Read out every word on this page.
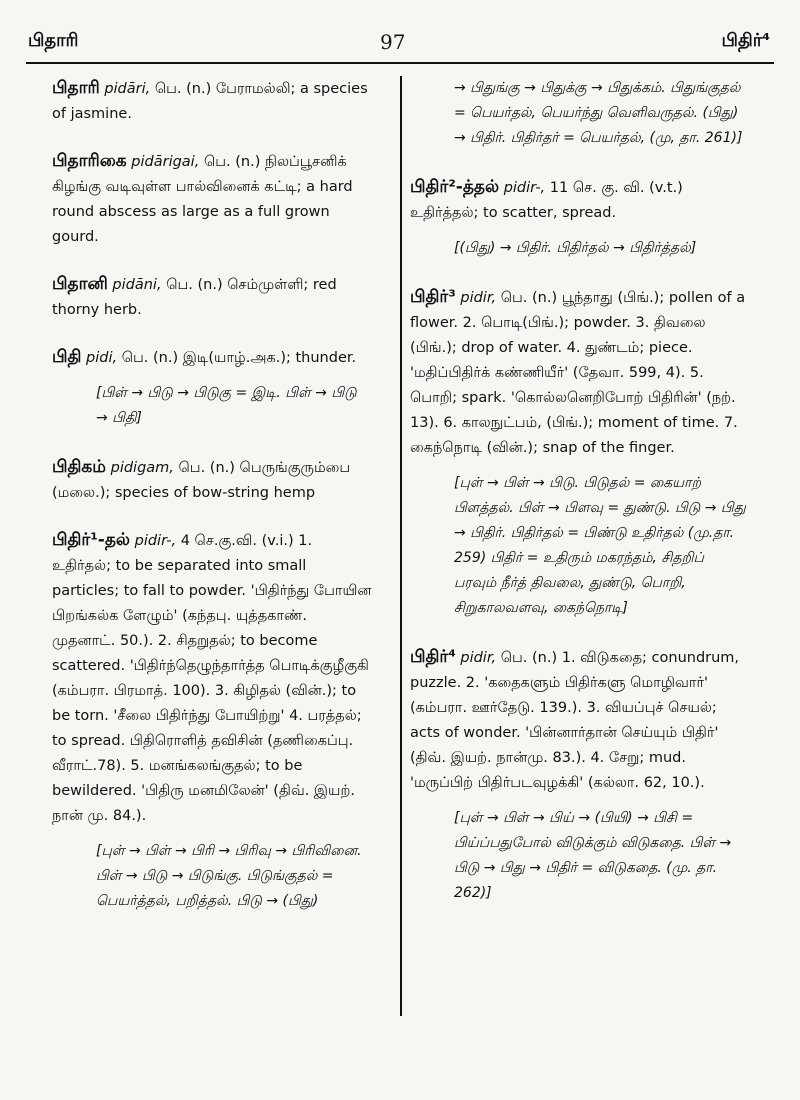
பிதாரி	97	பிதிர்⁴

பிதாரி pidāri, பெ. (n.) பேராமல்லி; a species of jasmine.

பிதாரிகை pidārigai, பெ. (n.) நிலப்பூசனிக் கிழங்கு வடிவுள்ள பால்வினைக் கட்டி; a hard round abscess as large as a full grown gourd.

பிதானி pidāni, பெ. (n.) செம்முள்ளி; red thorny herb.

பிதி pidi, பெ. (n.) இடி(யாழ்.அக.); thunder.

[பிள் → பிடு → பிடுகு = இடி. பிள் → பிடு → பிதி]

பிதிகம் pidigam, பெ. (n.) பெருங்குரும்பை (மலை.); species of bow-string hemp

பிதிர்¹-தல் pidir-, 4 செ.கு.வி. (v.i.) 1. உதிர்தல்; to be separated into small particles; to fall to powder. 'பிதிர்ந்து போயின பிறங்கல்க ளேழும்' (கந்தபு. யுத்தகாண். முதனாட். 50.). 2. சிதறுதல்; to become scattered. 'பிதிர்ந்தெழுந்தார்த்த பொடிக்குழீகுகி (கம்பரா. பிரமாத். 100). 3. கிழிதல் (வின்.); to be torn. 'சீலை பிதிர்ந்து போயிற்று' 4. பரத்தல்; to spread. பிதிரொளித் தவிசின் (தணிகைப்பு. வீராட்.78). 5. மனங்கலங்குதல்; to be bewildered. 'பிதிரு மனமிலேன்' (திவ். இயற். நான் மு. 84.).

[புள் → பிள் → பிரி → பிரிவு → பிரிவினை. பிள் → பிடு → பிடுங்கு. பிடுங்குதல் = பெயர்த்தல், பறித்தல். பிடு → (பிது)

→ பிதுங்கு → பிதுக்கு → பிதுக்கம். பிதுங்குதல் = பெயர்தல், பெயர்ந்து வெளிவருதல். (பிது) → பிதிர். பிதிர்தர் = பெயர்தல், (மு, தா. 261)]

பிதிர்²-த்தல் pidir-, 11 செ. கு. வி. (v.t.) உதிர்த்தல்; to scatter, spread.

[(பிது) → பிதிர். பிதிர்தல் → பிதிர்த்தல்]

பிதிர்³ pidir, பெ. (n.) பூந்தாது (பிங்.); pollen of a flower. 2. பொடி(பிங்.); powder. 3. திவலை (பிங்.); drop of water. 4. துண்டம்; piece. 'மதிப்பிதிர்க் கண்ணியீர்' (தேவா. 599, 4). 5. பொறி; spark. 'கொல்லனெறிபோற் பிதிரின்' (நற். 13). 6. காலநுட்பம், (பிங்.); moment of time. 7. கைந்நொடி (வின்.); snap of the finger.

[புள் → பிள் → பிடு. பிடுதல் = கையாற் பிளத்தல். பிள் → பிளவு = துண்டு. பிடு → பிது → பிதிர். பிதிர்தல் = பிண்டு உதிர்தல் (மு.தா. 259) பிதிர் = உதிரும் மகரந்தம், சிதறிப் பரவும் நீர்த் திவலை, துண்டு, பொறி, சிறுகாலவளவு, கைந்நொடி]

பிதிர்⁴ pidir, பெ. (n.) 1. விடுகதை; conundrum, puzzle. 2. 'கதைகளும் பிதிர்களு மொழிவார்' (கம்பரா. ஊர்தேடு. 139.). 3. வியப்புச் செயல்; acts of wonder. 'பின்னார்தான் செய்யும் பிதிர்' (திவ். இயற். நான்மு. 83.). 4. சேறு; mud. 'மருப்பிற் பிதிர்படவுழக்கி' (கல்லா. 62, 10.).

[புள் → பிள் → பிய் → (பியி) → பிசி = பிய்ப்பதுபோல் விடுக்கும் விடுகதை. பிள் → பிடு → பிது → பிதிர் = விடுகதை. (மு. தா. 262)]
